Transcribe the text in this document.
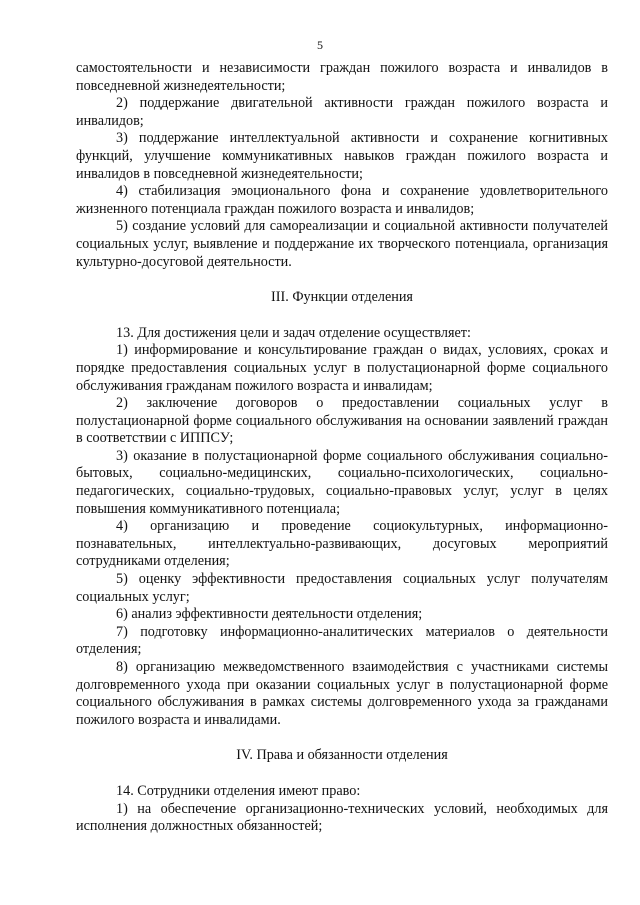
5

самостоятельности и независимости граждан пожилого возраста и инвалидов в повседневной жизнедеятельности;

2) поддержание двигательной активности граждан пожилого возраста и инвалидов;

3) поддержание интеллектуальной активности и сохранение когнитивных функций, улучшение коммуникативных навыков граждан пожилого возраста и инвалидов в повседневной жизнедеятельности;

4) стабилизация эмоционального фона и сохранение удовлетворительного жизненного потенциала граждан пожилого возраста и инвалидов;

5) создание условий для самореализации и социальной активности получателей социальных услуг, выявление и поддержание их творческого потенциала, организация культурно-досуговой деятельности.

III. Функции отделения

13. Для достижения цели и задач отделение осуществляет:

1) информирование и консультирование граждан о видах, условиях, сроках и порядке предоставления социальных услуг в полустационарной форме социального обслуживания гражданам пожилого возраста и инвалидам;

2) заключение договоров о предоставлении социальных услуг в полустационарной форме социального обслуживания на основании заявлений граждан в соответствии с ИППСУ;

3) оказание в полустационарной форме социального обслуживания социально-бытовых, социально-медицинских, социально-психологических, социально-педагогических, социально-трудовых, социально-правовых услуг, услуг в целях повышения коммуникативного потенциала;

4) организацию и проведение социокультурных, информационно-познавательных, интеллектуально-развивающих, досуговых мероприятий сотрудниками отделения;

5) оценку эффективности предоставления социальных услуг получателям социальных услуг;

6) анализ эффективности деятельности отделения;

7) подготовку информационно-аналитических материалов о деятельности отделения;

8) организацию межведомственного взаимодействия с участниками системы долговременного ухода при оказании социальных услуг в полустационарной форме социального обслуживания в рамках системы долговременного ухода за гражданами пожилого возраста и инвалидами.

IV. Права и обязанности отделения

14. Сотрудники отделения имеют право:

1) на обеспечение организационно-технических условий, необходимых для исполнения должностных обязанностей;
